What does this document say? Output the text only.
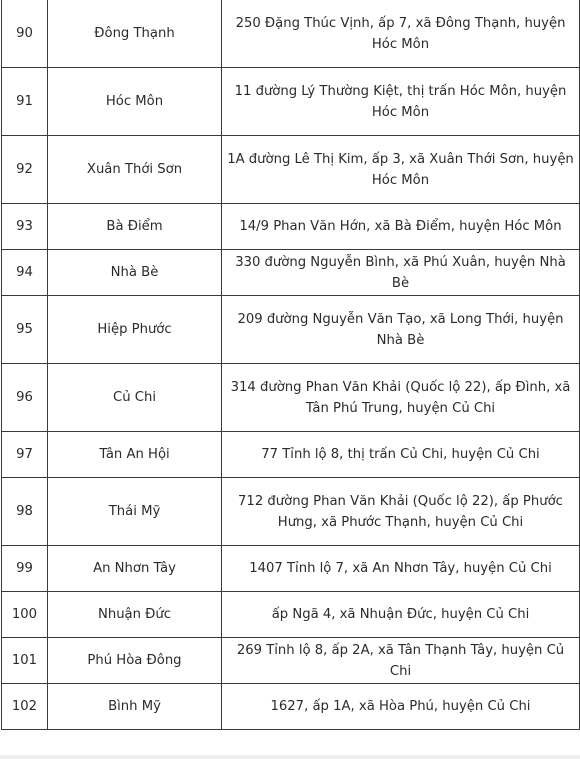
90	Đông Thạnh	250 Đặng Thúc Vịnh, ấp 7, xã Đông Thạnh, huyện Hóc Môn
91	Hóc Môn	11 đường Lý Thường Kiệt, thị trấn Hóc Môn, huyện Hóc Môn
92	Xuân Thới Sơn	1A đường Lê Thị Kim, ấp 3, xã Xuân Thới Sơn, huyện Hóc Môn
93	Bà Điểm	14/9 Phan Văn Hớn, xã Bà Điểm, huyện Hóc Môn
94	Nhà Bè	330 đường Nguyễn Bình, xã Phú Xuân, huyện Nhà Bè
95	Hiệp Phước	209 đường Nguyễn Văn Tạo, xã Long Thới, huyện Nhà Bè
96	Củ Chi	314 đường Phan Văn Khải (Quốc lộ 22), ấp Đình, xã Tân Phú Trung, huyện Củ Chi
97	Tân An Hội	77 Tỉnh lộ 8, thị trấn Củ Chi, huyện Củ Chi
98	Thái Mỹ	712 đường Phan Văn Khải (Quốc lộ 22), ấp Phước Hưng, xã Phước Thạnh, huyện Củ Chi
99	An Nhơn Tây	1407 Tỉnh lộ 7, xã An Nhơn Tây, huyện Củ Chi
100	Nhuận Đức	ấp Ngã 4, xã Nhuận Đức, huyện Củ Chi
101	Phú Hòa Đông	269 Tỉnh lộ 8, ấp 2A, xã Tân Thạnh Tây, huyện Củ Chi
102	Bình Mỹ	1627, ấp 1A, xã Hòa Phú, huyện Củ Chi
